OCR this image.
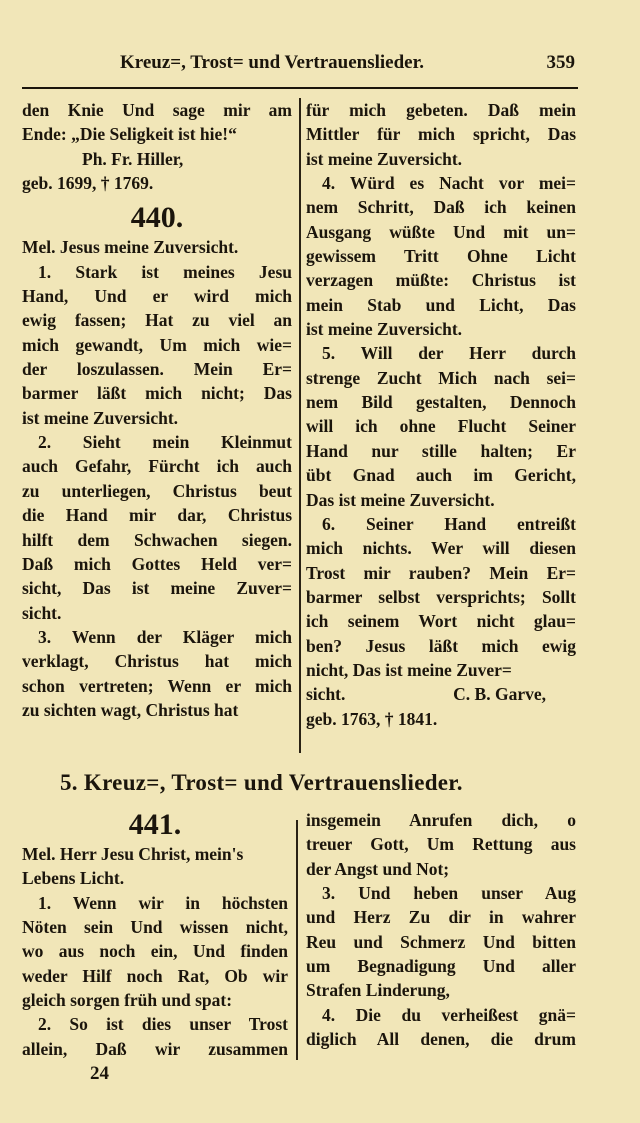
Kreuz=, Trost= und Vertrauenslieder.	359
den Knie Und sage mir am
Ende: „Die Seligkeit ist hie!“
Ph. Fr. Hiller,
geb. 1699, † 1769.
440.
Mel. Jesus meine Zuversicht.
1. Stark ist meines Jesu
Hand, Und er wird mich
ewig fassen; Hat zu viel an
mich gewandt, Um mich wie=
der loszulassen. Mein Er=
barmer läßt mich nicht; Das
ist meine Zuversicht.
2. Sieht mein Kleinmut
auch Gefahr, Fürcht ich auch
zu unterliegen, Christus beut
die Hand mir dar, Christus
hilft dem Schwachen siegen.
Daß mich Gottes Held ver=
sicht, Das ist meine Zuver=
sicht.
3. Wenn der Kläger mich
verklagt, Christus hat mich
schon vertreten; Wenn er mich
zu sichten wagt, Christus hat
für mich gebeten. Daß mein
Mittler für mich spricht, Das
ist meine Zuversicht.
4. Würd es Nacht vor mei=
nem Schritt, Daß ich keinen
Ausgang wüßte Und mit un=
gewissem Tritt Ohne Licht
verzagen müßte: Christus ist
mein Stab und Licht, Das
ist meine Zuversicht.
5. Will der Herr durch
strenge Zucht Mich nach sei=
nem Bild gestalten, Dennoch
will ich ohne Flucht Seiner
Hand nur stille halten; Er
übt Gnad auch im Gericht,
Das ist meine Zuversicht.
6. Seiner Hand entreißt
mich nichts. Wer will diesen
Trost mir rauben? Mein Er=
barmer selbst versprichts; Sollt
ich seinem Wort nicht glau=
ben? Jesus läßt mich ewig
nicht, Das ist meine Zuver=
sicht.	C. B. Garve,
geb. 1763, † 1841.
5. Kreuz=, Trost= und Vertrauenslieder.
441.
Mel. Herr Jesu Christ, mein's
Lebens Licht.
1. Wenn wir in höchsten
Nöten sein Und wissen nicht,
wo aus noch ein, Und finden
weder Hilf noch Rat, Ob wir
gleich sorgen früh und spat:
2. So ist dies unser Trost
allein, Daß wir zusammen
insgemein Anrufen dich, o
treuer Gott, Um Rettung aus
der Angst und Not;
3. Und heben unser Aug
und Herz Zu dir in wahrer
Reu und Schmerz Und bitten
um Begnadigung Und aller
Strafen Linderung,
4. Die du verheißest gnä=
diglich All denen, die drum
24
